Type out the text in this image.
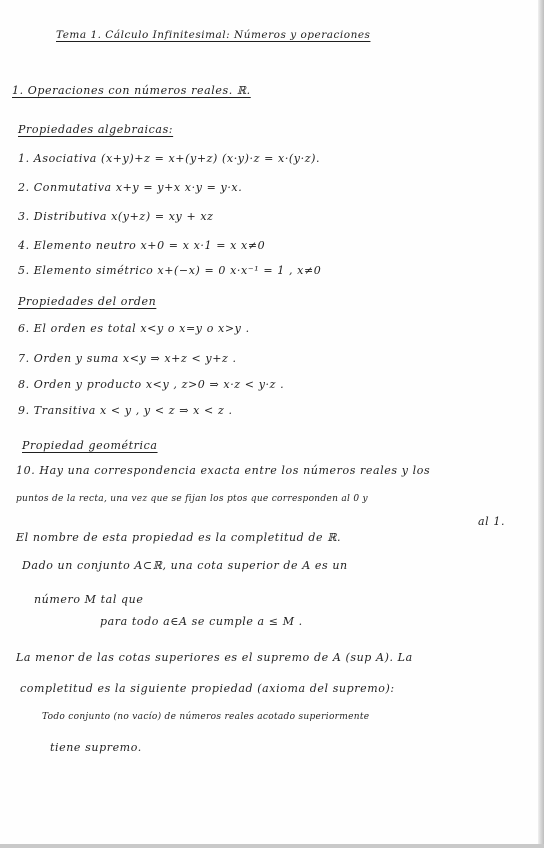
Tema 1. Cálculo Infinitesimal: Números y operaciones
1. Operaciones con números reales. ℝ.
Propiedades algebraicas:
1. Asociativa (x+y)+z = x+(y+z) (x·y)·z = x·(y·z).
2. Conmutativa x+y = y+x x·y = y·x.
3. Distributiva x(y+z) = xy + xz
4. Elemento neutro x+0 = x x·1 = x x≠0
5. Elemento simétrico x+(−x) = 0 x·x⁻¹ = 1 , x≠0
Propiedades del orden
6. El orden es total x<y o x=y o x>y .
7. Orden y suma x<y ⇒ x+z < y+z .
8. Orden y producto x<y , z>0 ⇒ x·z < y·z .
9. Transitiva x < y , y < z ⇒ x < z .
Propiedad geométrica
10. Hay una correspondencia exacta entre los números reales y los
puntos de la recta, una vez que se fijan los ptos que corresponden al 0 y
al 1.
El nombre de esta propiedad es la completitud de ℝ.
Dado un conjunto A⊂ℝ, una cota superior de A es un
número M tal que
para todo a∈A se cumple a ≤ M .
La menor de las cotas superiores es el supremo de A (sup A). La
completitud es la siguiente propiedad (axioma del supremo):
Todo conjunto (no vacío) de números reales acotado superiormente
tiene supremo.
